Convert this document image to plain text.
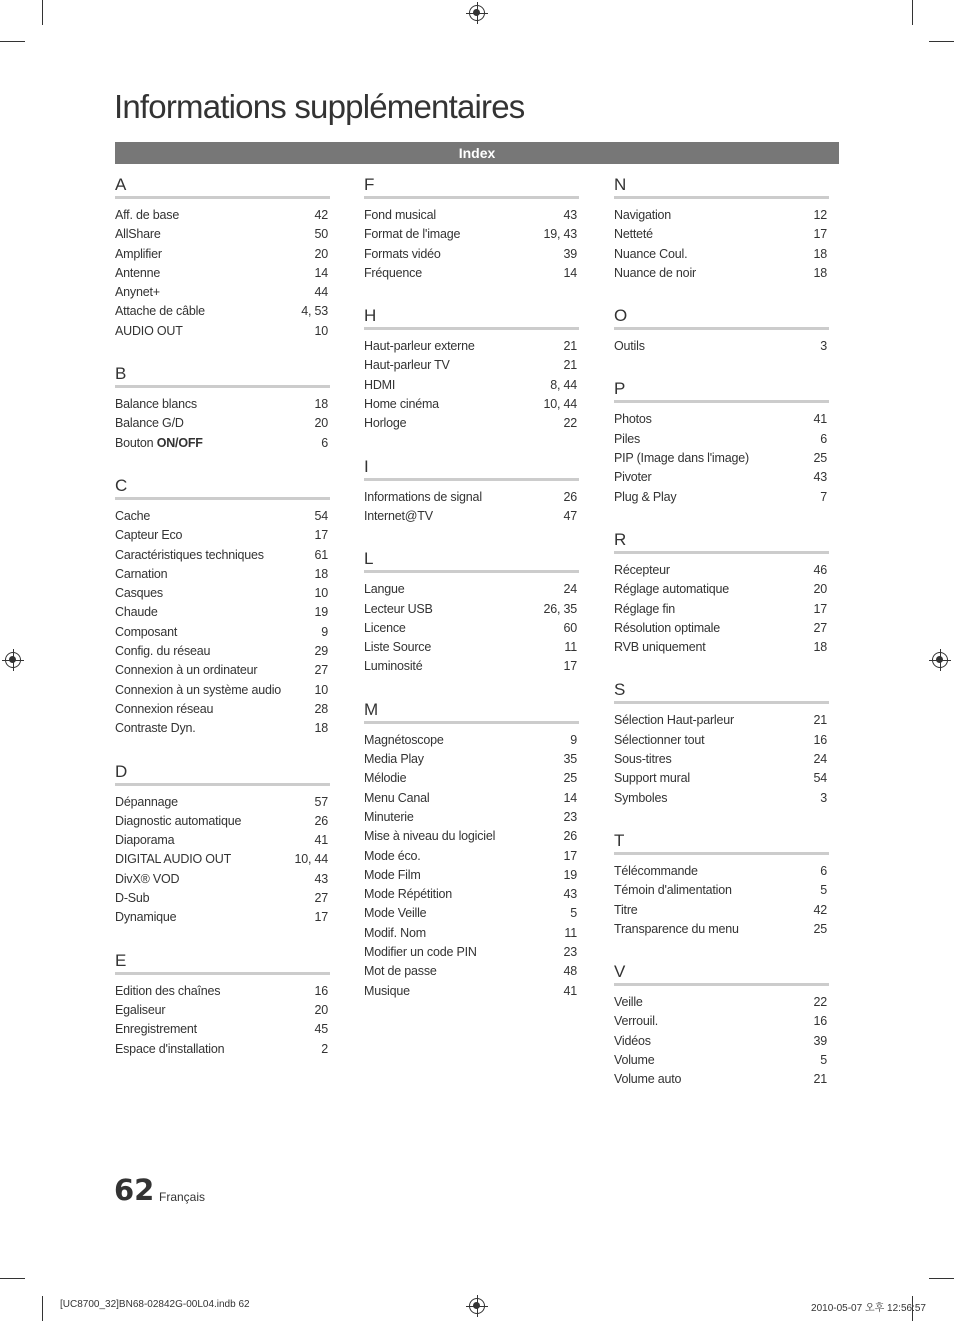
Informations supplémentaires
Index
A
Aff. de base	42
AllShare	50
Amplifier	20
Antenne	14
Anynet+	44
Attache de câble	4, 53
AUDIO OUT	10
B
Balance blancs	18
Balance G/D	20
Bouton ON/OFF	6
C
Cache	54
Capteur Eco	17
Caractéristiques techniques	61
Carnation	18
Casques	10
Chaude	19
Composant	9
Config. du réseau	29
Connexion à un ordinateur	27
Connexion à un système audio	10
Connexion réseau	28
Contraste Dyn.	18
D
Dépannage	57
Diagnostic automatique	26
Diaporama	41
DIGITAL AUDIO OUT	10, 44
DivX® VOD	43
D-Sub	27
Dynamique	17
E
Edition des chaînes	16
Egaliseur	20
Enregistrement	45
Espace d'installation	2
F
Fond musical	43
Format de l'image	19, 43
Formats vidéo	39
Fréquence	14
H
Haut-parleur externe	21
Haut-parleur TV	21
HDMI	8, 44
Home cinéma	10, 44
Horloge	22
I
Informations de signal	26
Internet@TV	47
L
Langue	24
Lecteur USB	26, 35
Licence	60
Liste Source	11
Luminosité	17
M
Magnétoscope	9
Media Play	35
Mélodie	25
Menu Canal	14
Minuterie	23
Mise à niveau du logiciel	26
Mode éco.	17
Mode Film	19
Mode Répétition	43
Mode Veille	5
Modif. Nom	11
Modifier un code PIN	23
Mot de passe	48
Musique	41
N
Navigation	12
Netteté	17
Nuance Coul.	18
Nuance de noir	18
O
Outils	3
P
Photos	41
Piles	6
PIP (Image dans l'image)	25
Pivoter	43
Plug & Play	7
R
Récepteur	46
Réglage automatique	20
Réglage fin	17
Résolution optimale	27
RVB uniquement	18
S
Sélection Haut-parleur	21
Sélectionner tout	16
Sous-titres	24
Support mural	54
Symboles	3
T
Télécommande	6
Témoin d'alimentation	5
Titre	42
Transparence du menu	25
V
Veille	22
Verrouil.	16
Vidéos	39
Volume	5
Volume auto	21
62 Français
[UC8700_32]BN68-02842G-00L04.indb 62	2010-05-07 오후 12:56:57
